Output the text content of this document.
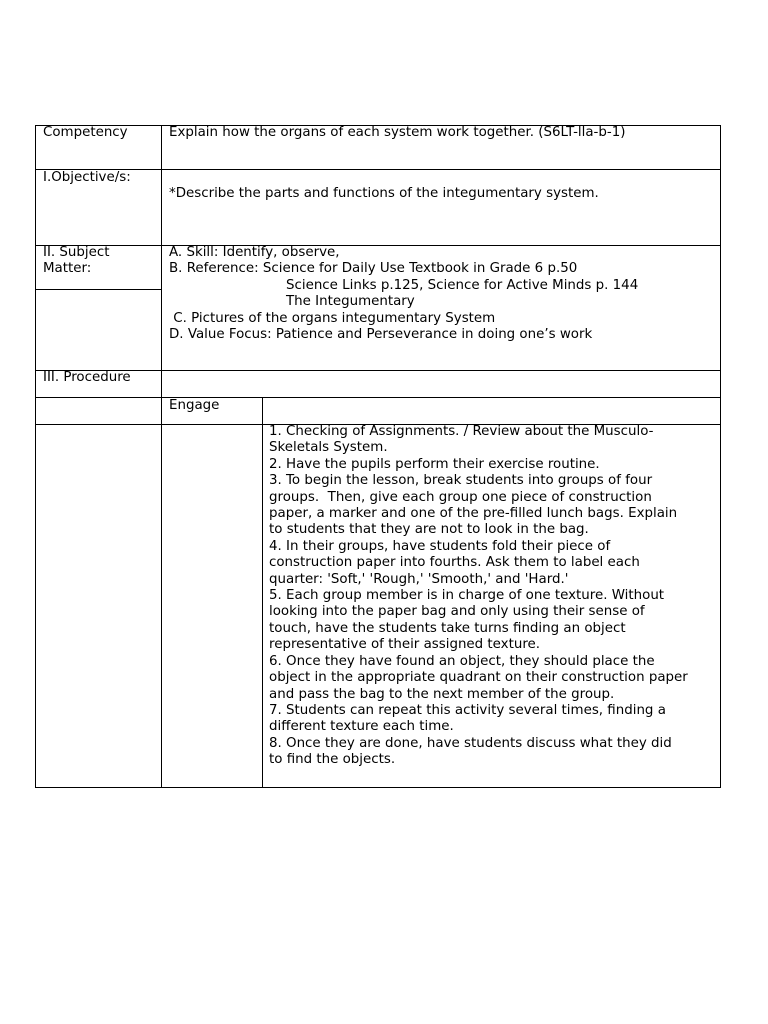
Competency	Explain how the organs of each system work together. (S6LT-lla-b-1)
I.Objective/s:
*Describe the parts and functions of the integumentary system.
II. Subject
Matter:
A. Skill: Identify, observe,
B. Reference: Science for Daily Use Textbook in Grade 6 p.50
Science Links p.125, Science for Active Minds p. 144
The Integumentary
C. Pictures of the organs integumentary System
D. Value Focus: Patience and Perseverance in doing one’s work
III. Procedure
Engage
1. Checking of Assignments. / Review about the Musculo-
Skeletals System.
2. Have the pupils perform their exercise routine.
3. To begin the lesson, break students into groups of four
groups.  Then, give each group one piece of construction
paper, a marker and one of the pre-filled lunch bags. Explain
to students that they are not to look in the bag.
4. In their groups, have students fold their piece of
construction paper into fourths. Ask them to label each
quarter: 'Soft,' 'Rough,' 'Smooth,' and 'Hard.'
5. Each group member is in charge of one texture. Without
looking into the paper bag and only using their sense of
touch, have the students take turns finding an object
representative of their assigned texture.
6. Once they have found an object, they should place the
object in the appropriate quadrant on their construction paper
and pass the bag to the next member of the group.
7. Students can repeat this activity several times, finding a
different texture each time.
8. Once they are done, have students discuss what they did
to find the objects.
